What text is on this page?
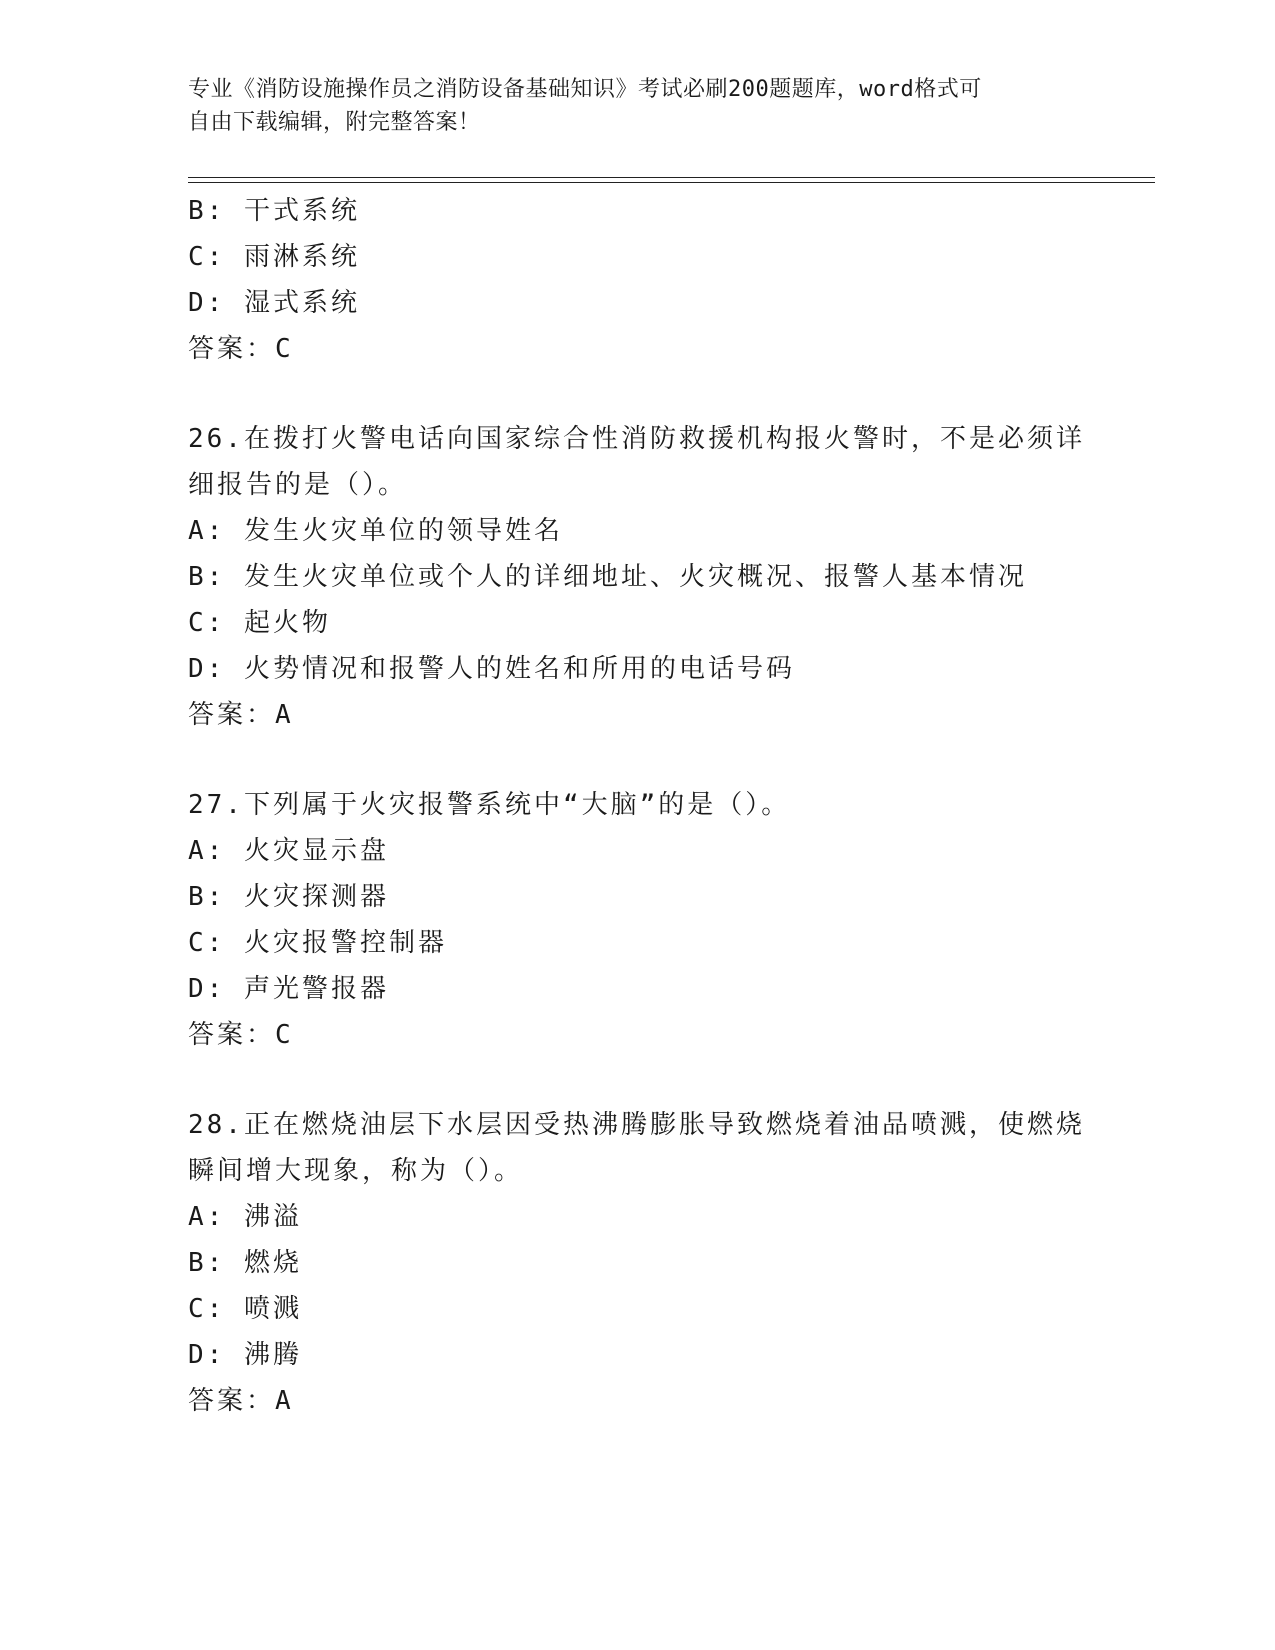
专业《消防设施操作员之消防设备基础知识》考试必刷200题题库，word格式可
自由下载编辑，附完整答案！
B: 干式系统
C: 雨淋系统
D: 湿式系统
答案：C
26.在拨打火警电话向国家综合性消防救援机构报火警时，不是必须详
细报告的是（）。
A: 发生火灾单位的领导姓名
B: 发生火灾单位或个人的详细地址、火灾概况、报警人基本情况
C: 起火物
D: 火势情况和报警人的姓名和所用的电话号码
答案：A
27.下列属于火灾报警系统中“大脑”的是（）。
A: 火灾显示盘
B: 火灾探测器
C: 火灾报警控制器
D: 声光警报器
答案：C
28.正在燃烧油层下水层因受热沸腾膨胀导致燃烧着油品喷溅，使燃烧
瞬间增大现象，称为（）。
A: 沸溢
B: 燃烧
C: 喷溅
D: 沸腾
答案：A
